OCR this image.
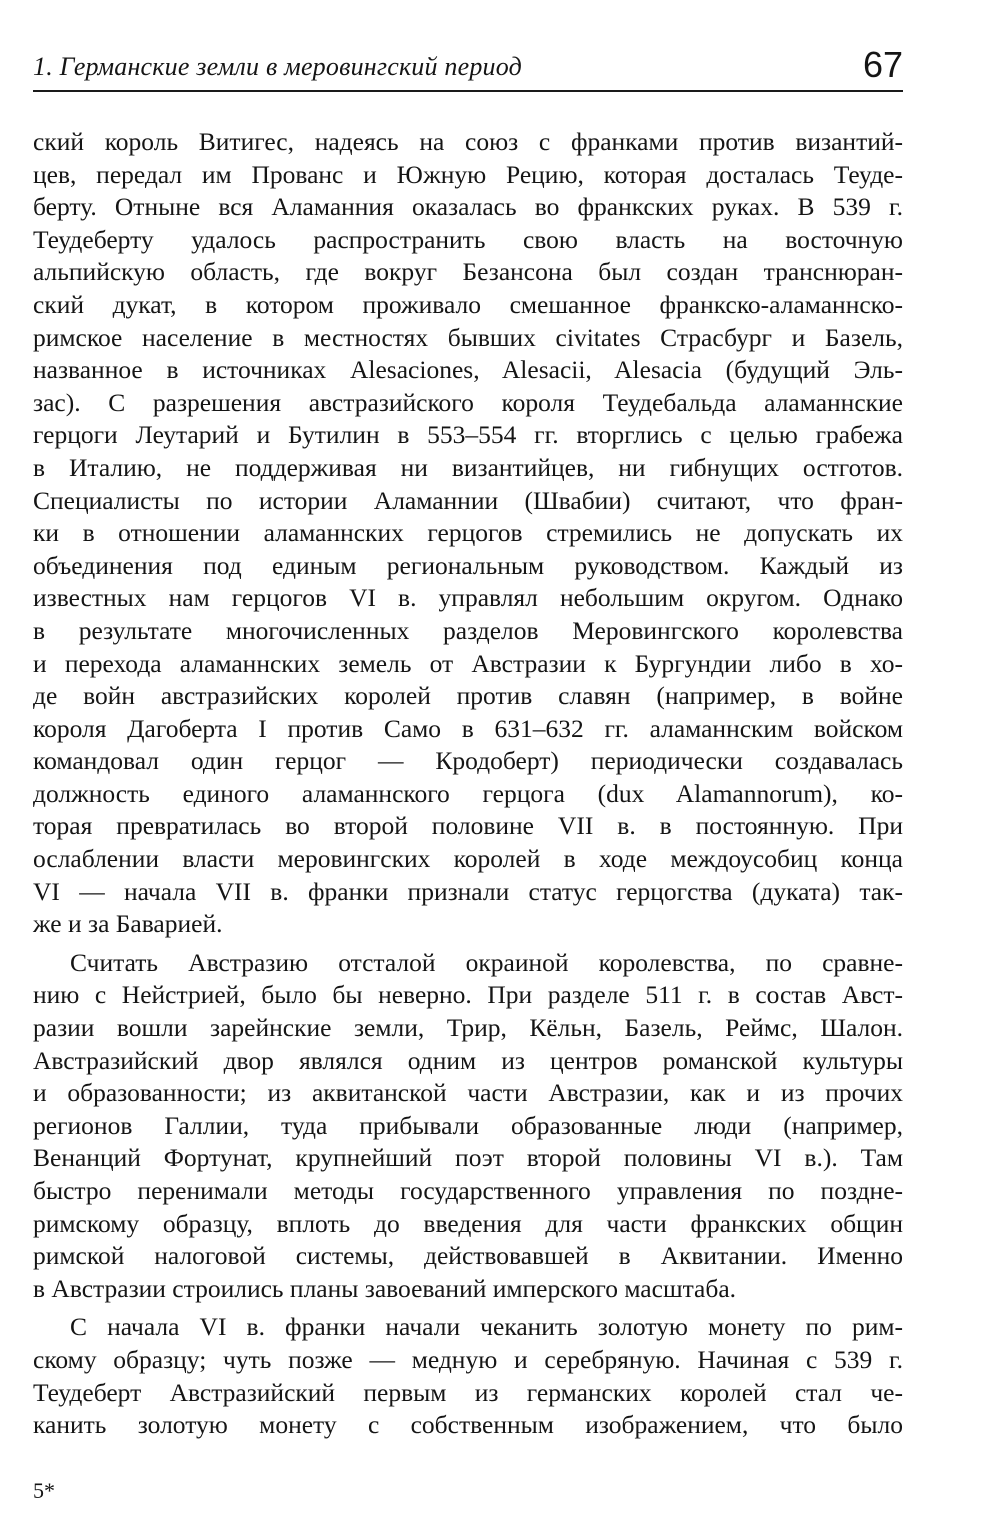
1. Германские земли в меровингский период	67
ский король Витигес, надеясь на союз с франками против византий-
цев, передал им Прованс и Южную Рецию, которая досталась Теуде-
берту. Отныне вся Аламанния оказалась во франкских руках. В 539 г.
Теудеберту удалось распространить свою власть на восточную
альпийскую область, где вокруг Безансона был создан транснюран-
ский дукат, в котором проживало смешанное франкско-аламаннско-
римское население в местностях бывших civitates Страсбург и Базель,
названное в источниках Alesaciones, Alesacii, Alesacia (будущий Эль-
зас). С разрешения австразийского короля Теудебальда аламаннские
герцоги Леутарий и Бутилин в 553–554 гг. вторглись с целью грабежа
в Италию, не поддерживая ни византийцев, ни гибнущих остготов.
Специалисты по истории Аламаннии (Швабии) считают, что фран-
ки в отношении аламаннских герцогов стремились не допускать их
объединения под единым региональным руководством. Каждый из
известных нам герцогов VI в. управлял небольшим округом. Однако
в результате многочисленных разделов Меровингского королевства
и перехода аламаннских земель от Австразии к Бургундии либо в хо-
де войн австразийских королей против славян (например, в войне
короля Дагоберта I против Само в 631–632 гг. аламаннским войском
командовал один герцог — Кродоберт) периодически создавалась
должность единого аламаннского герцога (dux Alamannorum), ко-
торая превратилась во второй половине VII в. в постоянную. При
ослаблении власти меровингских королей в ходе междоусобиц конца
VI — начала VII в. франки признали статус герцогства (дуката) так-
же и за Баварией.
Считать Австразию отсталой окраиной королевства, по сравне-
нию с Нейстрией, было бы неверно. При разделе 511 г. в состав Авст-
разии вошли зарейнские земли, Трир, Кёльн, Базель, Реймс, Шалон.
Австразийский двор являлся одним из центров романской культуры
и образованности; из аквитанской части Австразии, как и из прочих
регионов Галлии, туда прибывали образованные люди (например,
Венанций Фортунат, крупнейший поэт второй половины VI в.). Там
быстро перенимали методы государственного управления по поздне-
римскому образцу, вплоть до введения для части франкских общин
римской налоговой системы, действовавшей в Аквитании. Именно
в Австразии строились планы завоеваний имперского масштаба.
С начала VI в. франки начали чеканить золотую монету по рим-
скому образцу; чуть позже — медную и серебряную. Начиная с 539 г.
Теудеберт Австразийский первым из германских королей стал че-
канить золотую монету с собственным изображением, что было
5*
